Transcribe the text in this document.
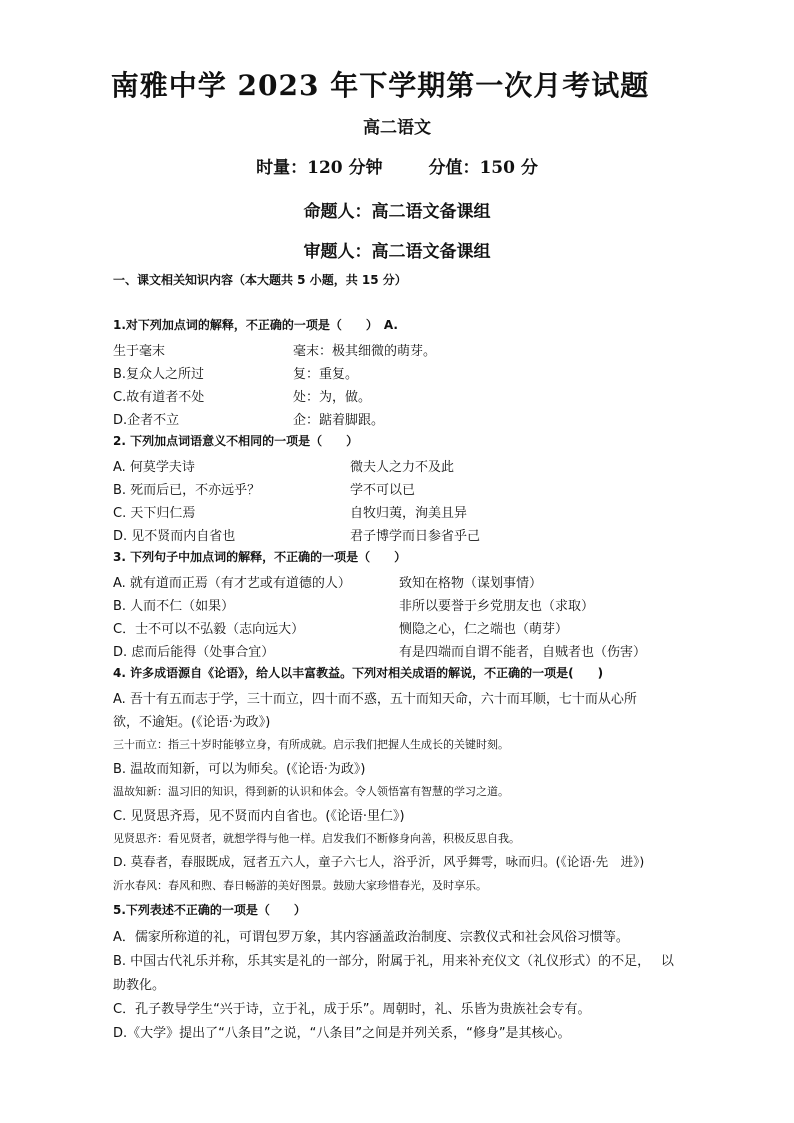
南雅中学 2023 年下学期第一次月考试题
高二语文
时量：120 分钟	分值：150 分
命题人：高二语文备课组
审题人：高二语文备课组
一、课文相关知识内容（本大题共 5 小题，共 15 分）
1.对下列加点词的解释，不正确的一项是（　　）　A.
生于毫末	毫末：极其细微的萌芽。
B.复众人之所过	复：重复。
C.故有道者不处	处：为，做。
D.企者不立	企：踮着脚跟。
2. 下列加点词语意义不相同的一项是（　　）
A. 何莫学夫诗	微夫人之力不及此
B. 死而后已，不亦远乎？	学不可以已
C. 天下归仁焉	自牧归荑，洵美且异
D. 见不贤而内自省也	君子博学而日参省乎己
3. 下列句子中加点词的解释，不正确的一项是（　　）
A. 就有道而正焉（有才艺或有道德的人）	致知在格物（谋划事情）
B. 人而不仁（如果）	非所以要誉于乡党朋友也（求取）
C．士不可以不弘毅（志向远大）	恻隐之心，仁之端也（萌芽）
D. 虑而后能得（处事合宜）	有是四端而自谓不能者，自贼者也（伤害）
4. 许多成语源自《论语》，给人以丰富教益。下列对相关成语的解说，不正确的一项是(　　)
A. 吾十有五而志于学，三十而立，四十而不惑，五十而知天命，六十而耳顺，七十而从心所
欲，不逾矩。(《论语·为政》)
三十而立：指三十岁时能够立身，有所成就。启示我们把握人生成长的关键时刻。
B. 温故而知新，可以为师矣。(《论语·为政》)
温故知新：温习旧的知识，得到新的认识和体会。令人领悟富有智慧的学习之道。
C. 见贤思齐焉，见不贤而内自省也。(《论语·里仁》)
见贤思齐：看见贤者，就想学得与他一样。启发我们不断修身向善，积极反思自我。
D. 莫春者，春服既成，冠者五六人，童子六七人，浴乎沂，风乎舞雩，咏而归。(《论语·先　进》)
沂水春风：春风和煦、春日畅游的美好图景。鼓励大家珍惜春光，及时享乐。
5.下列表述不正确的一项是（　　）
A．儒家所称道的礼，可谓包罗万象，其内容涵盖政治制度、宗教仪式和社会风俗习惯等。
B. 中国古代礼乐并称，乐其实是礼的一部分，附属于礼，用来补充仪文（礼仪形式）的不足，　 以
助教化。
C．孔子教导学生“兴于诗，立于礼，成于乐”。周朝时，礼、乐皆为贵族社会专有。
D.《大学》提出了“八条目”之说，“八条目”之间是并列关系，“修身”是其核心。
